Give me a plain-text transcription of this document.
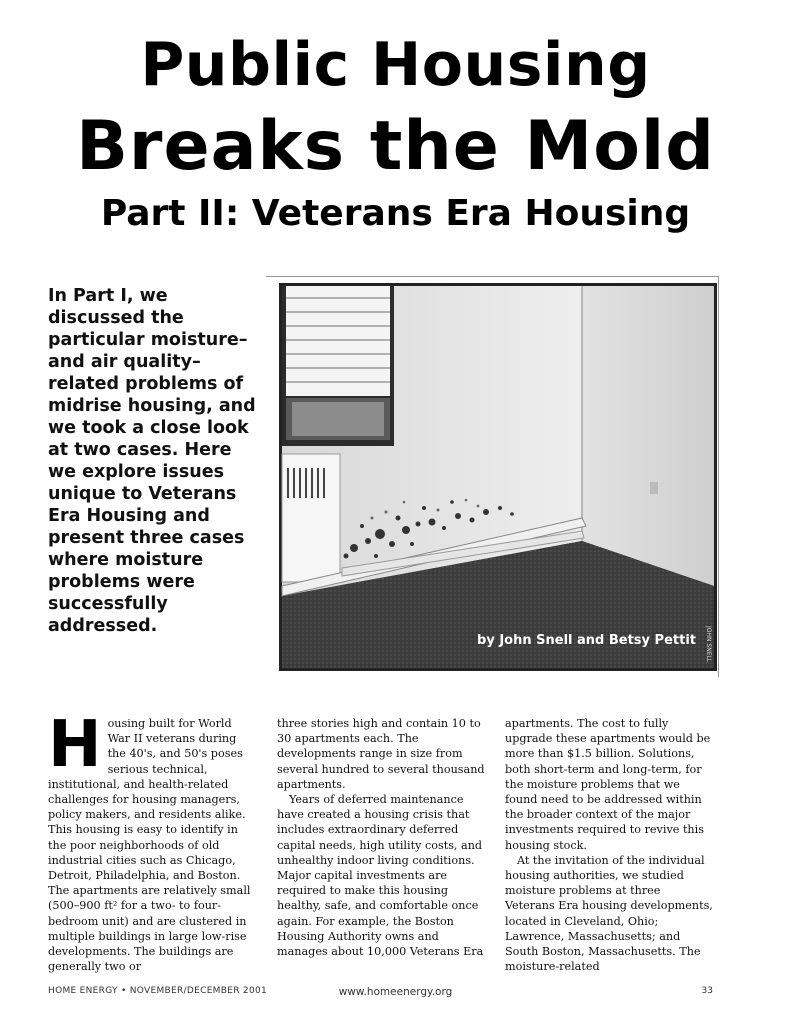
Public Housing
Breaks the Mold
Part II: Veterans Era Housing
In Part I, we discussed the particular moisture– and air quality–related problems of midrise housing, and we took a close look at two cases. Here we explore issues unique to Veterans Era Housing and present three cases where moisture problems were successfully addressed.
by John Snell and Betsy Pettit JOHN SNELL

Housing built for World War II veterans during the 40's, and 50's poses serious technical, institutional, and health-related challenges for housing managers, policy makers, and residents alike. This housing is easy to identify in the poor neighborhoods of old industrial cities such as Chicago, Detroit, Philadelphia, and Boston. The apartments are relatively small (500–900 ft² for a two- to four-bedroom unit) and are clustered in multiple buildings in large low-rise developments. The buildings are generally two or

three stories high and contain 10 to 30 apartments each. The developments range in size from several hundred to several thousand apartments.

Years of deferred maintenance have created a housing crisis that includes extraordinary deferred capital needs, high utility costs, and unhealthy indoor living conditions. Major capital investments are required to make this housing healthy, safe, and comfortable once again. For example, the Boston Housing Authority owns and manages about 10,000 Veterans Era

apartments. The cost to fully upgrade these apartments would be more than $1.5 billion. Solutions, both short-term and long-term, for the moisture problems that we found need to be addressed within the broader context of the major investments required to revive this housing stock.

At the invitation of the individual housing authorities, we studied moisture problems at three Veterans Era housing developments, located in Cleveland, Ohio; Lawrence, Massachusetts; and South Boston, Massachusetts. The moisture-related

HOME ENERGY • NOVEMBER/DECEMBER 2001	www.homeenergy.org	33
